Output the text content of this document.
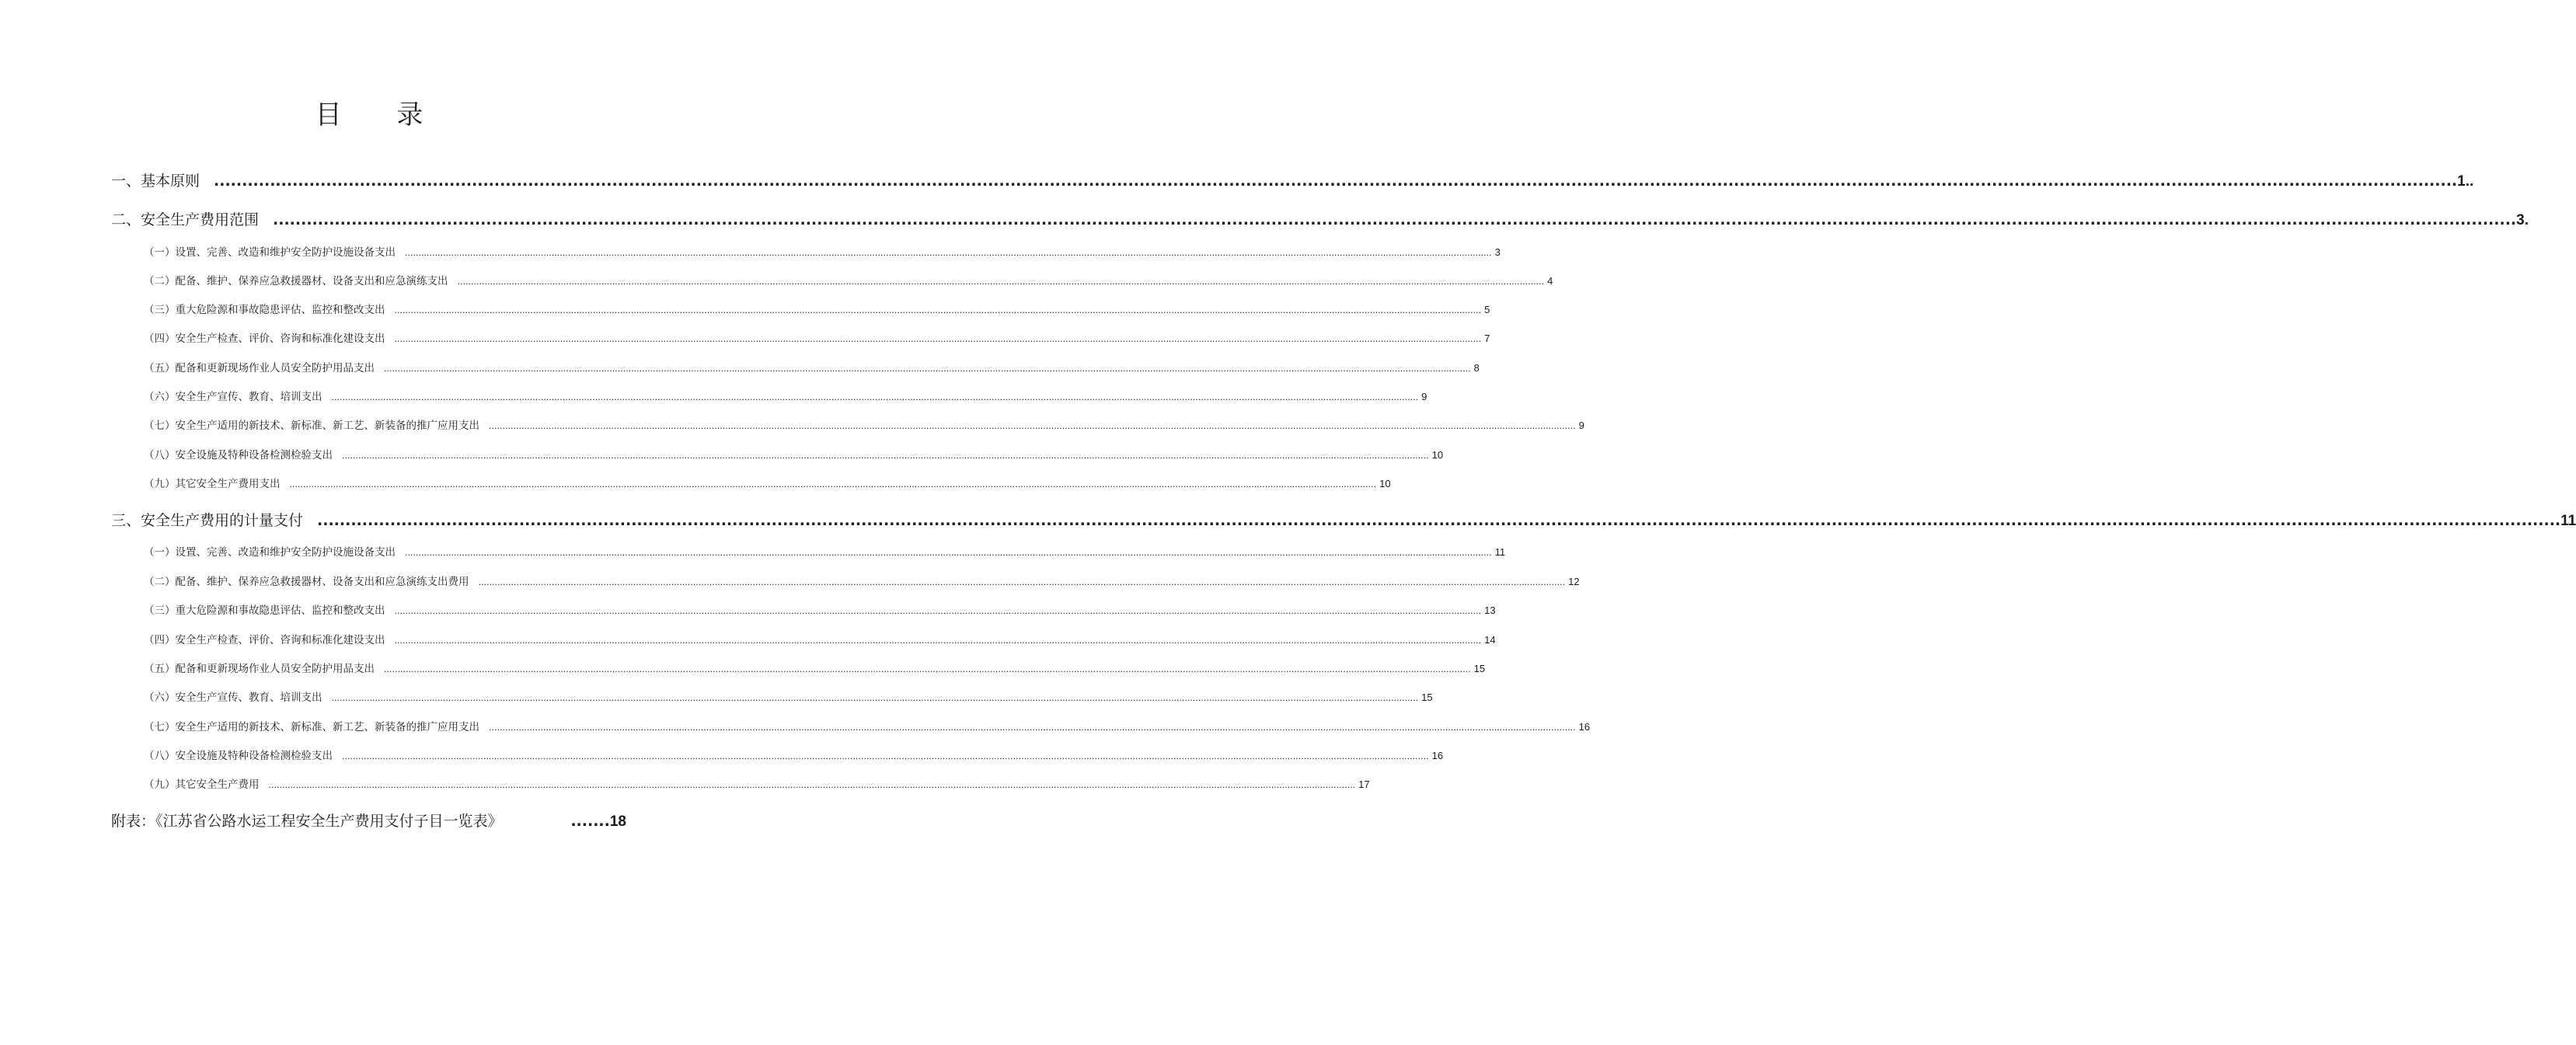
目 录
一、基本原则 ................................................................................................................................................................................................................................................................................................................................................................................................................ 1..
二、安全生产费用范围 ................................................................................................................................................................................................................................................................................................................................................................................................................ 3.
（一）设置、完善、改造和维护安全防护设施设备支出 ................................................................................................................................................................................................................................................................................................................................................................................................................ 3
（二）配备、维护、保养应急救援器材、设备支出和应急演练支出 ................................................................................................................................................................................................................................................................................................................................................................................................................ 4
（三）重大危险源和事故隐患评估、监控和整改支出 ................................................................................................................................................................................................................................................................................................................................................................................................................ 5
（四）安全生产检查、评价、咨询和标准化建设支出 ................................................................................................................................................................................................................................................................................................................................................................................................................ 7
（五）配备和更新现场作业人员安全防护用品支出 ................................................................................................................................................................................................................................................................................................................................................................................................................ 8
（六）安全生产宣传、教育、培训支出 ................................................................................................................................................................................................................................................................................................................................................................................................................ 9
（七）安全生产适用的新技术、新标准、新工艺、新装备的推广应用支出 ................................................................................................................................................................................................................................................................................................................................................................................................................ 9
（八）安全设施及特种设备检测检验支出 ................................................................................................................................................................................................................................................................................................................................................................................................................ 10
（九）其它安全生产费用支出 ................................................................................................................................................................................................................................................................................................................................................................................................................ 10
三、安全生产费用的计量支付 ................................................................................................................................................................................................................................................................................................................................................................................................................ 11
（一）设置、完善、改造和维护安全防护设施设备支出 ................................................................................................................................................................................................................................................................................................................................................................................................................ 11
（二）配备、维护、保养应急救援器材、设备支出和应急演练支出费用 ................................................................................................................................................................................................................................................................................................................................................................................................................ 12
（三）重大危险源和事故隐患评估、监控和整改支出 ................................................................................................................................................................................................................................................................................................................................................................................................................ 13
（四）安全生产检查、评价、咨询和标准化建设支出 ................................................................................................................................................................................................................................................................................................................................................................................................................ 14
（五）配备和更新现场作业人员安全防护用品支出 ................................................................................................................................................................................................................................................................................................................................................................................................................ 15
（六）安全生产宣传、教育、培训支出 ................................................................................................................................................................................................................................................................................................................................................................................................................ 15
（七）安全生产适用的新技术、新标准、新工艺、新装备的推广应用支出 ................................................................................................................................................................................................................................................................................................................................................................................................................ 16
（八）安全设施及特种设备检测检验支出 ................................................................................................................................................................................................................................................................................................................................................................................................................ 16
（九）其它安全生产费用 ................................................................................................................................................................................................................................................................................................................................................................................................................ 17
附表：《江苏省公路水运工程安全生产费用支付子目一览表》	....... 18
